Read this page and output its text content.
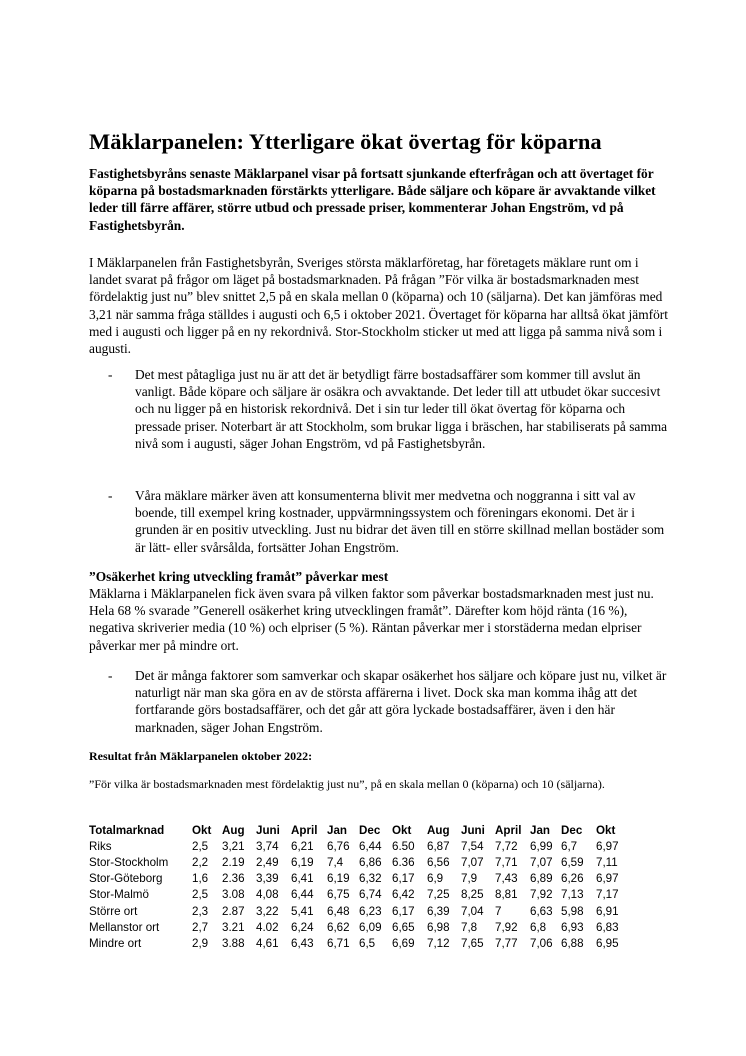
Mäklarpanelen: Ytterligare ökat övertag för köparna

Fastighetsbyråns senaste Mäklarpanel visar på fortsatt sjunkande efterfrågan och att övertaget för köparna på bostadsmarknaden förstärkts ytterligare. Både säljare och köpare är avvaktande vilket leder till färre affärer, större utbud och pressade priser, kommenterar Johan Engström, vd på Fastighetsbyrån.

I Mäklarpanelen från Fastighetsbyrån, Sveriges största mäklarföretag, har företagets mäklare runt om i landet svarat på frågor om läget på bostadsmarknaden. På frågan ”För vilka är bostadsmarknaden mest fördelaktig just nu” blev snittet 2,5 på en skala mellan 0 (köparna) och 10 (säljarna). Det kan jämföras med 3,21 när samma fråga ställdes i augusti och 6,5 i oktober 2021. Övertaget för köparna har alltså ökat jämfört med i augusti och ligger på en ny rekordnivå. Stor-Stockholm sticker ut med att ligga på samma nivå som i augusti.

- Det mest påtagliga just nu är att det är betydligt färre bostadsaffärer som kommer till avslut än vanligt. Både köpare och säljare är osäkra och avvaktande. Det leder till att utbudet ökar succesivt och nu ligger på en historisk rekordnivå. Det i sin tur leder till ökat övertag för köparna och pressade priser. Noterbart är att Stockholm, som brukar ligga i bräschen, har stabiliserats på samma nivå som i augusti, säger Johan Engström, vd på Fastighetsbyrån.
- Våra mäklare märker även att konsumenterna blivit mer medvetna och noggranna i sitt val av boende, till exempel kring kostnader, uppvärmningssystem och föreningars ekonomi. Det är i grunden är en positiv utveckling. Just nu bidrar det även till en större skillnad mellan bostäder som är lätt- eller svårsålda, fortsätter Johan Engström.
”Osäkerhet kring utveckling framåt” påverkar mest

Mäklarna i Mäklarpanelen fick även svara på vilken faktor som påverkar bostadsmarknaden mest just nu. Hela 68 % svarade ”Generell osäkerhet kring utvecklingen framåt”. Därefter kom höjd ränta (16 %), negativa skriverier media (10 %) och elpriser (5 %). Räntan påverkar mer i storstäderna medan elpriser påverkar mer på mindre ort.

- Det är många faktorer som samverkar och skapar osäkerhet hos säljare och köpare just nu, vilket är naturligt när man ska göra en av de största affärerna i livet. Dock ska man komma ihåg att det fortfarande görs bostadsaffärer, och det går att göra lyckade bostadsaffärer, även i den här marknaden, säger Johan Engström.
Resultat från Mäklarpanelen oktober 2022:

”För vilka är bostadsmarknaden mest fördelaktig just nu”, på en skala mellan 0 (köparna) och 10 (säljarna).

Totalmarknad	Okt	Aug	Juni	April	Jan	Dec	Okt	Aug	Juni	April	Jan	Dec	Okt
Riks	2,5	3,21	3,74	6,21	6,76	6,44	6.50	6,87	7,54	7,72	6,99	6,7	6,97
Stor-Stockholm	2,2	2.19	2,49	6,19	7,4	6,86	6.36	6,56	7,07	7,71	7,07	6,59	7,11
Stor-Göteborg	1,6	2.36	3,39	6,41	6,19	6,32	6,17	6,9	7,9	7,43	6,89	6,26	6,97
Stor-Malmö	2,5	3.08	4,08	6,44	6,75	6,74	6,42	7,25	8,25	8,81	7,92	7,13	7,17
Större ort	2,3	2.87	3,22	5,41	6,48	6,23	6,17	6,39	7,04	7	6,63	5,98	6,91
Mellanstor ort	2,7	3.21	4.02	6,24	6,62	6,09	6,65	6,98	7,8	7,92	6,8	6,93	6,83
Mindre ort	2,9	3.88	4,61	6,43	6,71	6,5	6,69	7,12	7,65	7,77	7,06	6,88	6,95
